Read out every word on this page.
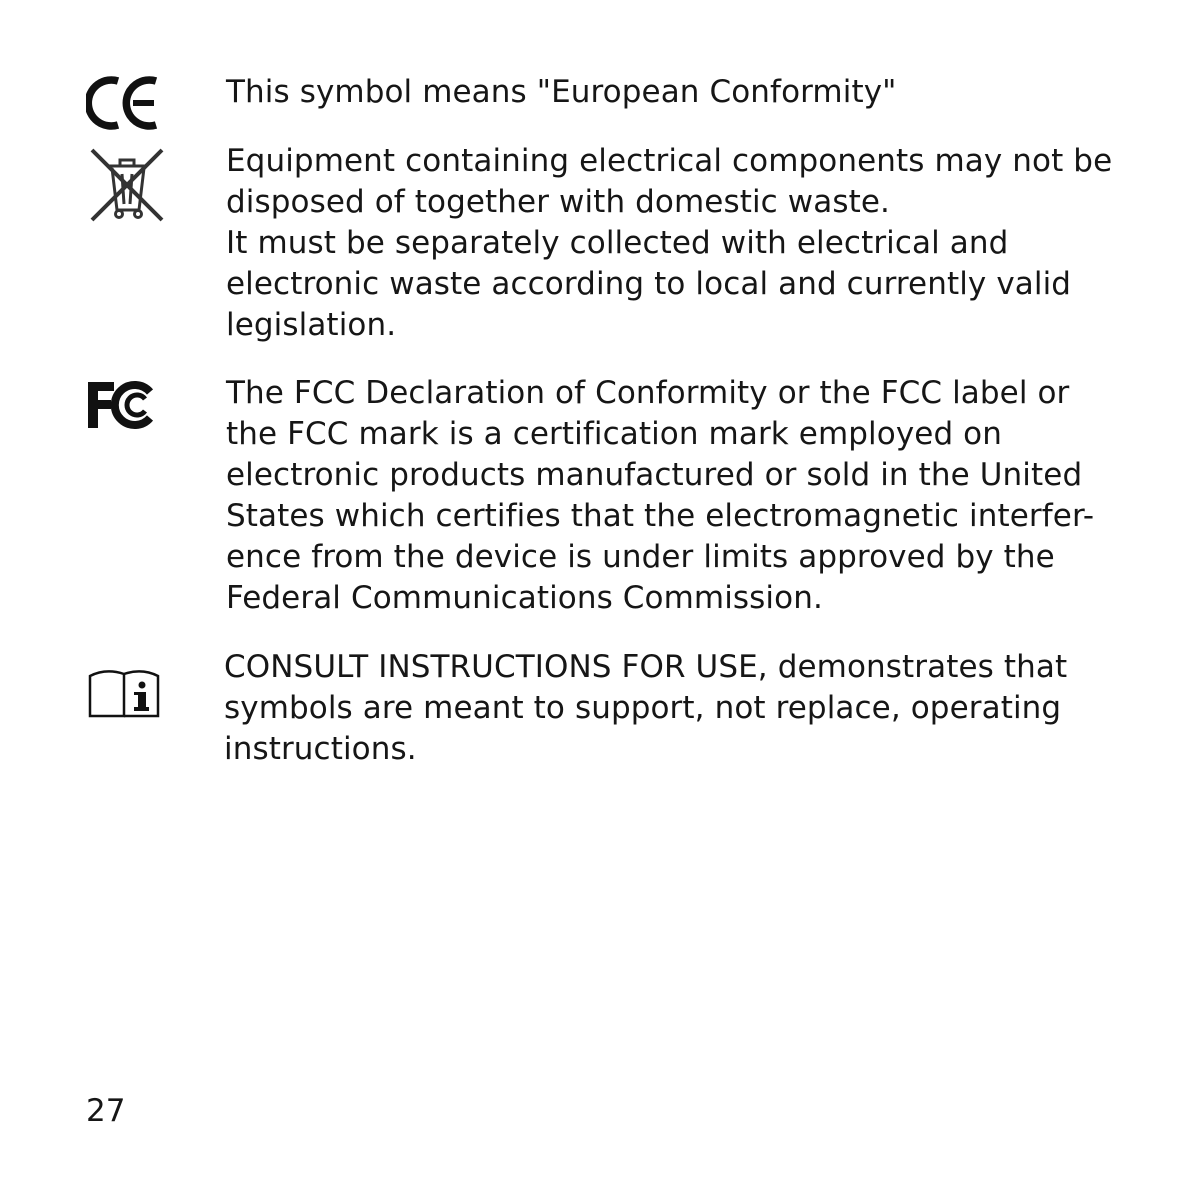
This symbol means "European Conformity"

Equipment containing electrical components may not be
disposed of together with domestic waste.
It must be separately collected with electrical and
electronic waste according to local and currently valid
legislation.

The FCC Declaration of Conformity or the FCC label or
the FCC mark is a certification mark employed on
electronic products manufactured or sold in the United
States which certifies that the electromagnetic interfer-
ence from the device is under limits approved by the
Federal Communications Commission.

CONSULT INSTRUCTIONS FOR USE, demonstrates that
symbols are meant to support, not replace, operating
instructions.

27
